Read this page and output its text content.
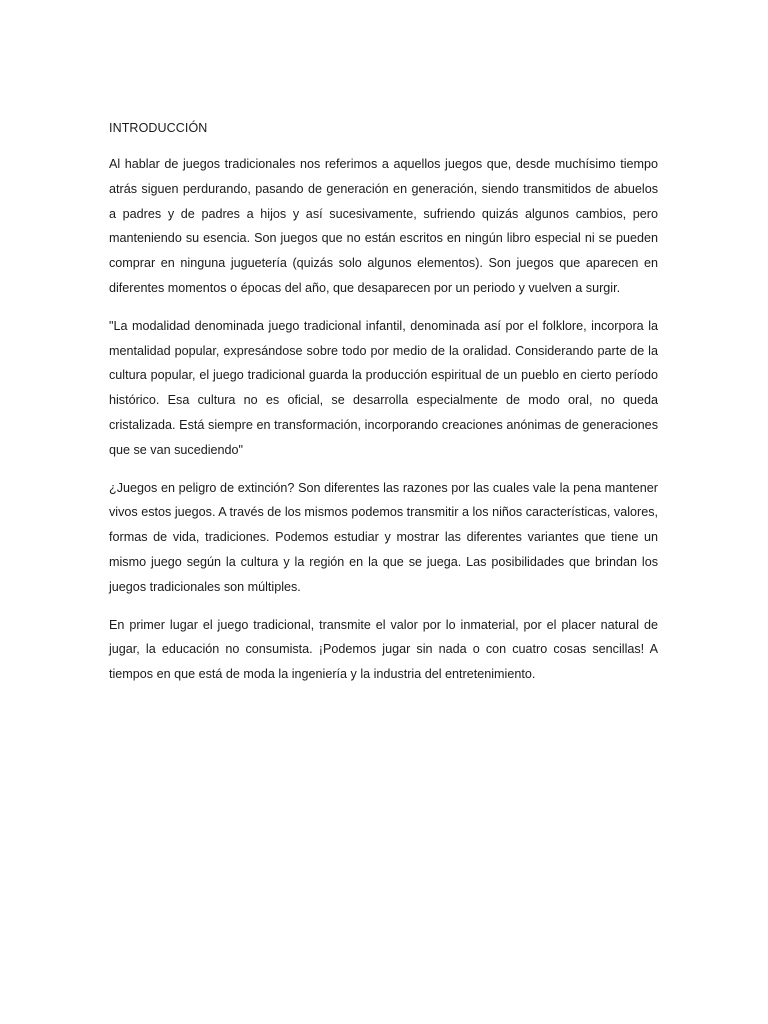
INTRODUCCIÓN

Al hablar de juegos tradicionales nos referimos a aquellos juegos que, desde muchísimo tiempo atrás siguen perdurando, pasando de generación en generación, siendo transmitidos de abuelos a padres y de padres a hijos y así sucesivamente, sufriendo quizás algunos cambios, pero manteniendo su esencia. Son juegos que no están escritos en ningún libro especial ni se pueden comprar en ninguna juguetería (quizás solo algunos elementos). Son juegos que aparecen en diferentes momentos o épocas del año, que desaparecen por un periodo y vuelven a surgir.

"La modalidad denominada juego tradicional infantil, denominada así por el folklore, incorpora la mentalidad popular, expresándose sobre todo por medio de la oralidad. Considerando parte de la cultura popular, el juego tradicional guarda la producción espiritual de un pueblo en cierto período histórico. Esa cultura no es oficial, se desarrolla especialmente de modo oral, no queda cristalizada. Está siempre en transformación, incorporando creaciones anónimas de generaciones que se van sucediendo"

¿Juegos en peligro de extinción? Son diferentes las razones por las cuales vale la pena mantener vivos estos juegos. A través de los mismos podemos transmitir a los niños características, valores, formas de vida, tradiciones. Podemos estudiar y mostrar las diferentes variantes que tiene un mismo juego según la cultura y la región en la que se juega. Las posibilidades que brindan los juegos tradicionales son múltiples.

En primer lugar el juego tradicional, transmite el valor por lo inmaterial, por el placer natural de jugar, la educación no consumista. ¡Podemos jugar sin nada o con cuatro cosas sencillas! A tiempos en que está de moda la ingeniería y la industria del entretenimiento.
